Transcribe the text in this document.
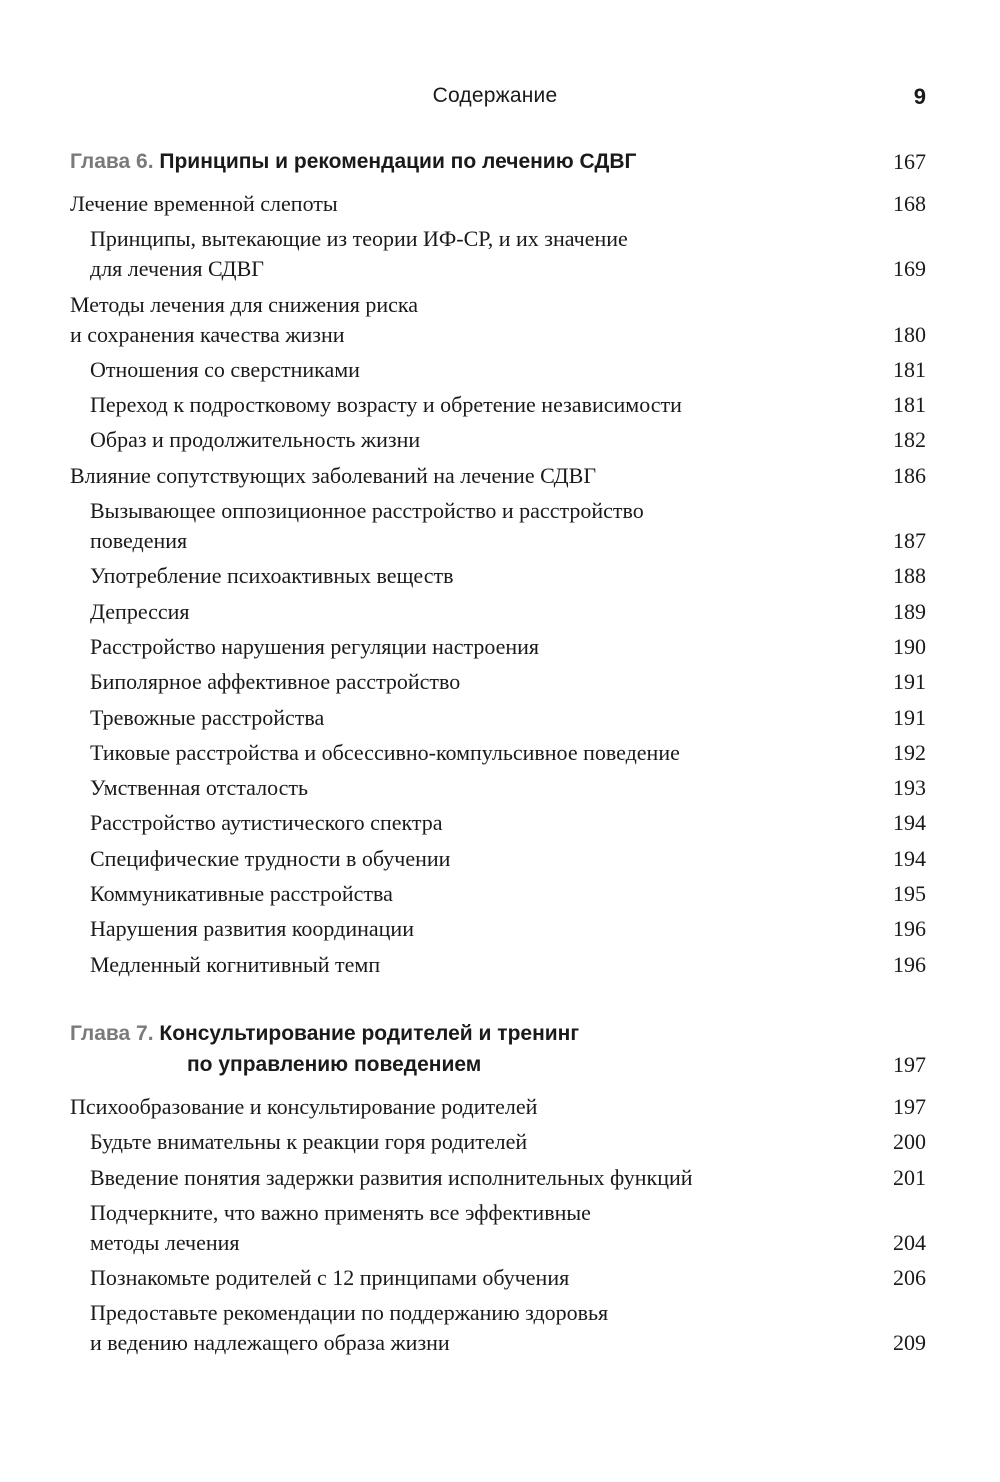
Содержание	9
Глава 6. Принципы и рекомендации по лечению СДВГ	167
Лечение временной слепоты	168
Принципы, вытекающие из теории ИФ-СР, и их значение
для лечения СДВГ	169
Методы лечения для снижения риска
и сохранения качества жизни	180
Отношения со сверстниками	181
Переход к подростковому возрасту и обретение независимости	181
Образ и продолжительность жизни	182
Влияние сопутствующих заболеваний на лечение СДВГ	186
Вызывающее оппозиционное расстройство и расстройство
поведения	187
Употребление психоактивных веществ	188
Депрессия	189
Расстройство нарушения регуляции настроения	190
Биполярное аффективное расстройство	191
Тревожные расстройства	191
Тиковые расстройства и обсессивно-компульсивное поведение	192
Умственная отсталость	193
Расстройство аутистического спектра	194
Специфические трудности в обучении	194
Коммуникативные расстройства	195
Нарушения развития координации	196
Медленный когнитивный темп	196
Глава 7. Консультирование родителей и тренинг
по управлению поведением	197
Психообразование и консультирование родителей	197
Будьте внимательны к реакции горя родителей	200
Введение понятия задержки развития исполнительных функций	201
Подчеркните, что важно применять все эффективные
методы лечения	204
Познакомьте родителей с 12 принципами обучения	206
Предоставьте рекомендации по поддержанию здоровья
и ведению надлежащего образа жизни	209
